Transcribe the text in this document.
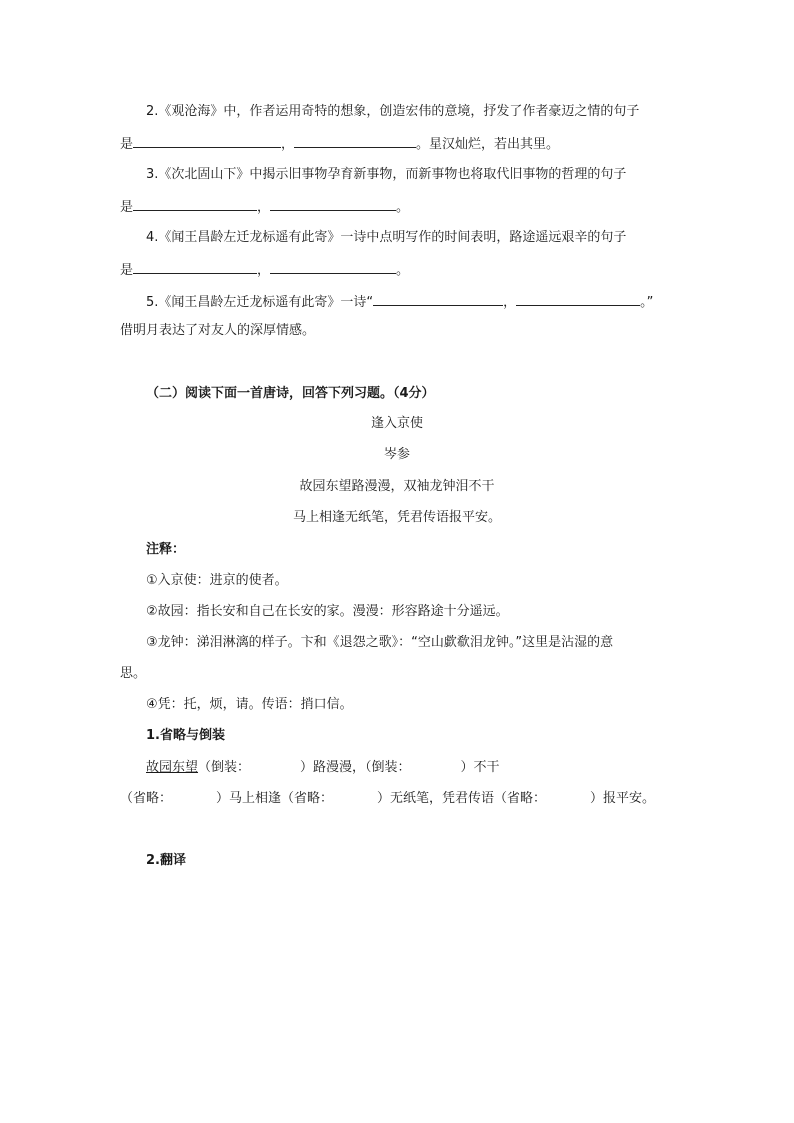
2.《观沧海》中，作者运用奇特的想象，创造宏伟的意境，抒发了作者豪迈之情的句子
是	，	。星汉灿烂，若出其里。
3.《次北固山下》中揭示旧事物孕育新事物，而新事物也将取代旧事物的哲理的句子
是	，	。
4.《闻王昌龄左迁龙标遥有此寄》一诗中点明写作的时间表明，路途遥远艰辛的句子
是	，	。
5.《闻王昌龄左迁龙标遥有此寄》一诗“	，	。”
借明月表达了对友人的深厚情感。
（二）阅读下面一首唐诗，回答下列习题。（4分）
逢入京使
岑参
故园东望路漫漫，双袖龙钟泪不干
马上相逢无纸笔，凭君传语报平安。
注释：
①入京使：进京的使者。
②故园：指长安和自己在长安的家。漫漫：形容路途十分遥远。
③龙钟：涕泪淋漓的样子。卞和《退怨之歌》：“空山歔欷泪龙钟。”这里是沾湿的意
思。
④凭：托，烦，请。传语：捎口信。
1.省略与倒装
故园东望（倒装：	）路漫漫，（倒装：	）不干
（省略：	）马上相逢（省略：	）无纸笔，凭君传语（省略：	）报平安。
2.翻译
